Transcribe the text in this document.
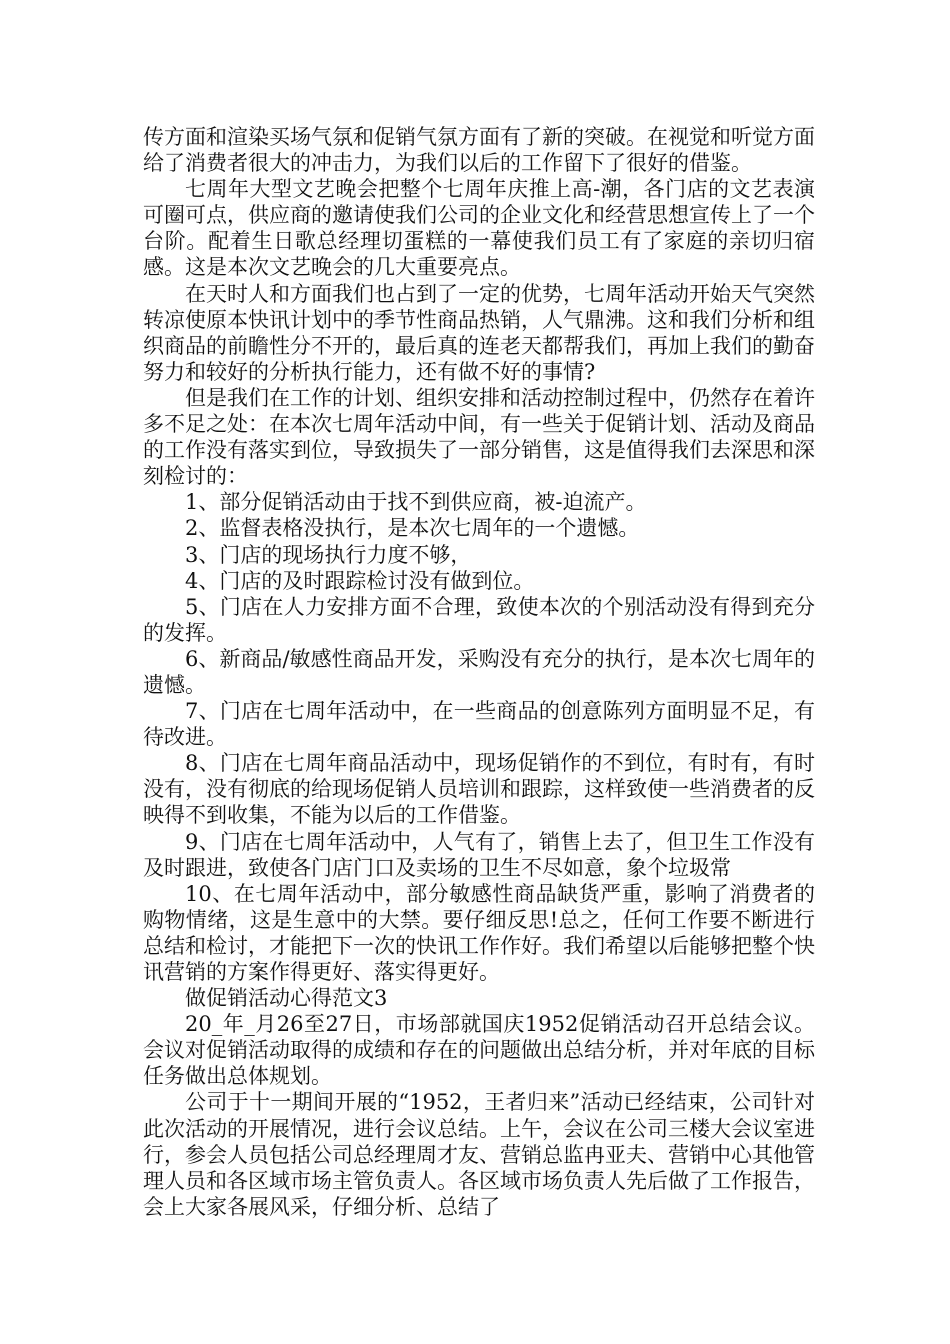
传方面和渲染买场气氛和促销气氛方面有了新的突破。在视觉和听觉方面给了消费者很大的冲击力，为我们以后的工作留下了很好的借鉴。

七周年大型文艺晚会把整个七周年庆推上高-潮，各门店的文艺表演可圈可点，供应商的邀请使我们公司的企业文化和经营思想宣传上了一个台阶。配着生日歌总经理切蛋糕的一幕使我们员工有了家庭的亲切归宿感。这是本次文艺晚会的几大重要亮点。

在天时人和方面我们也占到了一定的优势，七周年活动开始天气突然转凉使原本快讯计划中的季节性商品热销，人气鼎沸。这和我们分析和组织商品的前瞻性分不开的，最后真的连老天都帮我们，再加上我们的勤奋努力和较好的分析执行能力，还有做不好的事情?

但是我们在工作的计划、组织安排和活动控制过程中，仍然存在着许多不足之处：在本次七周年活动中间，有一些关于促销计划、活动及商品的工作没有落实到位，导致损失了一部分销售，这是值得我们去深思和深刻检讨的：

1、部分促销活动由于找不到供应商，被-迫流产。

2、监督表格没执行，是本次七周年的一个遗憾。

3、门店的现场执行力度不够，

4、门店的及时跟踪检讨没有做到位。

5、门店在人力安排方面不合理，致使本次的个别活动没有得到充分的发挥。

6、新商品/敏感性商品开发，采购没有充分的执行，是本次七周年的遗憾。

7、门店在七周年活动中，在一些商品的创意陈列方面明显不足，有待改进。

8、门店在七周年商品活动中，现场促销作的不到位，有时有，有时没有，没有彻底的给现场促销人员培训和跟踪，这样致使一些消费者的反映得不到收集，不能为以后的工作借鉴。

9、门店在七周年活动中，人气有了，销售上去了，但卫生工作没有及时跟进，致使各门店门口及卖场的卫生不尽如意，象个垃圾常

10、在七周年活动中，部分敏感性商品缺货严重，影响了消费者的购物情绪，这是生意中的大禁。要仔细反思!总之，任何工作要不断进行总结和检讨，才能把下一次的快讯工作作好。我们希望以后能够把整个快讯营销的方案作得更好、落实得更好。

做促销活动心得范文3

20_年_月26至27日，市场部就国庆1952促销活动召开总结会议。会议对促销活动取得的成绩和存在的问题做出总结分析，并对年底的目标任务做出总体规划。

公司于十一期间开展的“1952，王者归来”活动已经结束，公司针对此次活动的开展情况，进行会议总结。上午，会议在公司三楼大会议室进行，参会人员包括公司总经理周才友、营销总监冉亚夫、营销中心其他管理人员和各区域市场主管负责人。各区域市场负责人先后做了工作报告，会上大家各展风采，仔细分析、总结了
